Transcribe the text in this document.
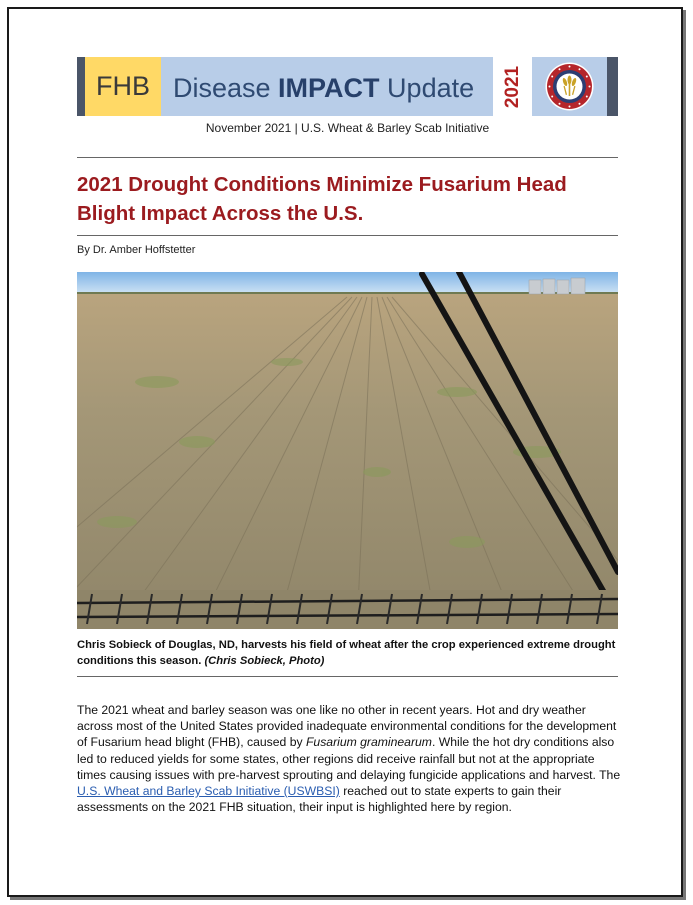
FHB Disease IMPACT Update	2021
November 2021 | U.S. Wheat & Barley Scab Initiative
2021 Drought Conditions Minimize Fusarium Head Blight Impact Across the U.S.
By Dr. Amber Hoffstetter

Chris Sobieck of Douglas, ND, harvests his field of wheat after the crop experienced extreme drought conditions this season. (Chris Sobieck, Photo)

The 2021 wheat and barley season was one like no other in recent years. Hot and dry weather across most of the United States provided inadequate environmental conditions for the development of Fusarium head blight (FHB), caused by Fusarium graminearum. While the hot dry conditions also led to reduced yields for some states, other regions did receive rainfall but not at the appropriate times causing issues with pre-harvest sprouting and delaying fungicide applications and harvest. The U.S. Wheat and Barley Scab Initiative (USWBSI) reached out to state experts to gain their assessments on the 2021 FHB situation, their input is highlighted here by region.
